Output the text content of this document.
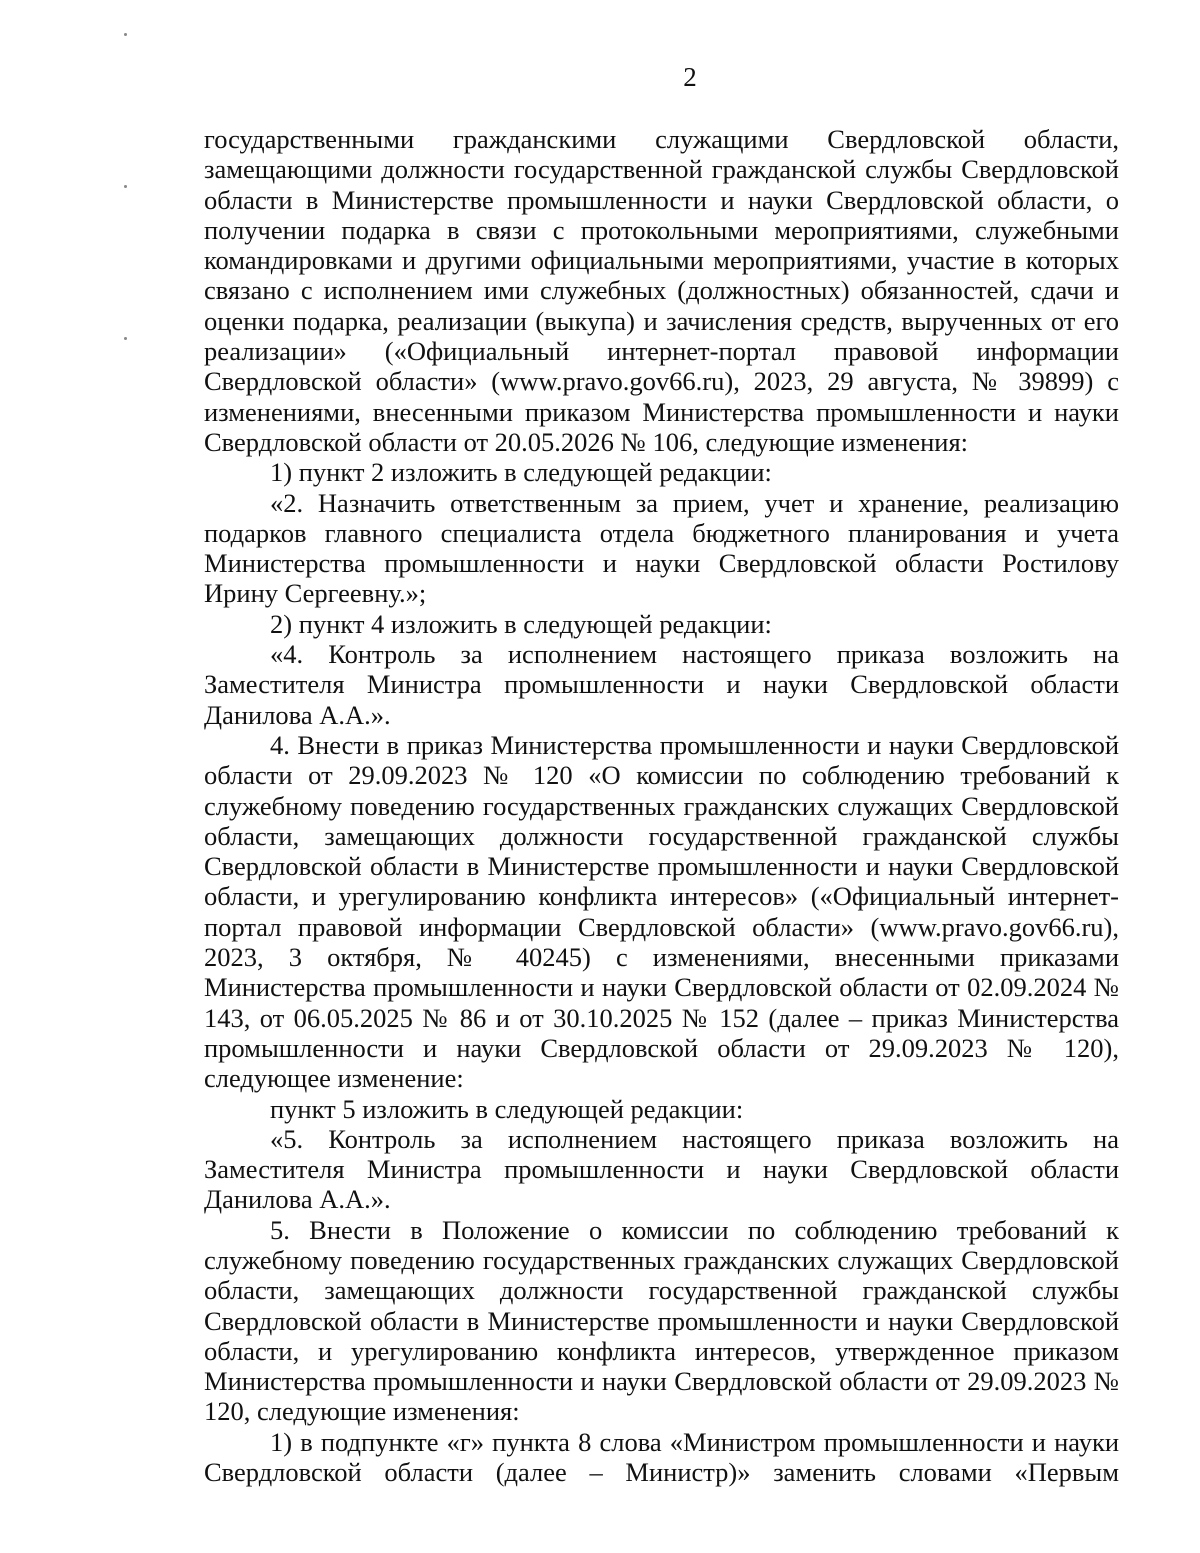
2

государственными гражданскими служащими Свердловской области, замещающими должности государственной гражданской службы Свердловской области в Министерстве промышленности и науки Свердловской области, о получении подарка в связи с протокольными мероприятиями, служебными командировками и другими официальными мероприятиями, участие в которых связано с исполнением ими служебных (должностных) обязанностей, сдачи и оценки подарка, реализации (выкупа) и зачисления средств, вырученных от его реализации» («Официальный интернет-портал правовой информации Свердловской области» (www.pravo.gov66.ru), 2023, 29 августа, № 39899) с изменениями, внесенными приказом Министерства промышленности и науки Свердловской области от 20.05.2026 № 106, следующие изменения:

1) пункт 2 изложить в следующей редакции:

«2. Назначить ответственным за прием, учет и хранение, реализацию подарков главного специалиста отдела бюджетного планирования и учета Министерства промышленности и науки Свердловской области Ростилову Ирину Сергеевну.»;

2) пункт 4 изложить в следующей редакции:

«4. Контроль за исполнением настоящего приказа возложить на Заместителя Министра промышленности и науки Свердловской области Данилова А.А.».

4. Внести в приказ Министерства промышленности и науки Свердловской области от 29.09.2023 № 120 «О комиссии по соблюдению требований к служебному поведению государственных гражданских служащих Свердловской области, замещающих должности государственной гражданской службы Свердловской области в Министерстве промышленности и науки Свердловской области, и урегулированию конфликта интересов» («Официальный интернет-портал правовой информации Свердловской области» (www.pravo.gov66.ru), 2023, 3 октября, № 40245) с изменениями, внесенными приказами Министерства промышленности и науки Свердловской области от 02.09.2024 № 143, от 06.05.2025 № 86 и от 30.10.2025 № 152 (далее – приказ Министерства промышленности и науки Свердловской области от 29.09.2023 № 120), следующее изменение:

пункт 5 изложить в следующей редакции:

«5. Контроль за исполнением настоящего приказа возложить на Заместителя Министра промышленности и науки Свердловской области Данилова А.А.».

5. Внести в Положение о комиссии по соблюдению требований к служебному поведению государственных гражданских служащих Свердловской области, замещающих должности государственной гражданской службы Свердловской области в Министерстве промышленности и науки Свердловской области, и урегулированию конфликта интересов, утвержденное приказом Министерства промышленности и науки Свердловской области от 29.09.2023 № 120, следующие изменения:

1) в подпункте «г» пункта 8 слова «Министром промышленности и науки Свердловской области (далее – Министр)» заменить словами «Первым
